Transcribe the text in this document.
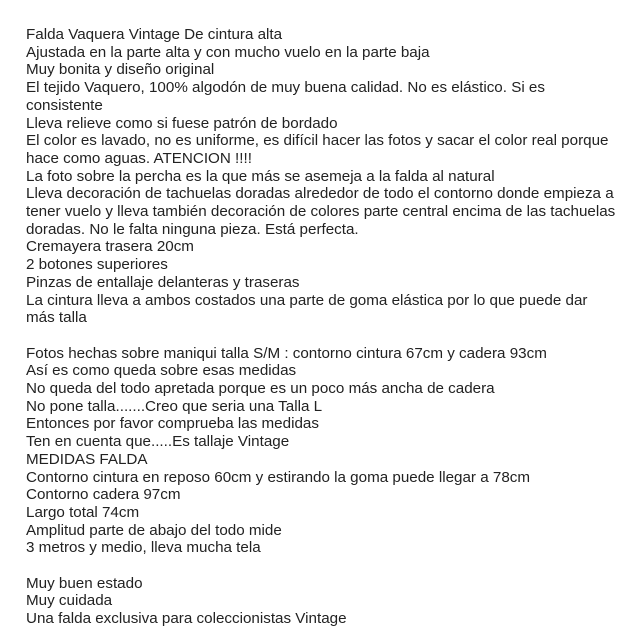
Falda Vaquera Vintage De cintura alta
Ajustada en la parte alta y con mucho vuelo en la parte baja
Muy bonita y diseño original
El tejido Vaquero, 100% algodón de muy buena calidad. No es elástico. Si es
consistente
Lleva relieve como si fuese patrón de bordado
El color es lavado, no es uniforme, es difícil hacer las fotos y sacar el color real porque
hace como aguas. ATENCION !!!!
La foto sobre la percha es la que más se asemeja a la falda al natural
Lleva decoración de tachuelas doradas alrededor de todo el contorno donde empieza a
tener vuelo y lleva también decoración de colores parte central encima de las tachuelas
doradas. No le falta ninguna pieza. Está perfecta.
Cremayera trasera 20cm
2 botones superiores
Pinzas de entallaje delanteras y traseras
La cintura lleva a ambos costados una parte de goma elástica por lo que puede dar
más talla
Fotos hechas sobre maniqui talla S/M : contorno cintura 67cm y cadera 93cm
Así es como queda sobre esas medidas
No queda del todo apretada porque es un poco más ancha de cadera
No pone talla.......Creo que seria una Talla L
Entonces por favor comprueba las medidas
Ten en cuenta que.....Es tallaje Vintage
MEDIDAS FALDA
Contorno cintura en reposo 60cm y estirando la goma puede llegar a 78cm
Contorno cadera 97cm
Largo total 74cm
Amplitud parte de abajo del todo mide
3 metros y medio, lleva mucha tela
Muy buen estado
Muy cuidada
Una falda exclusiva para coleccionistas Vintage
